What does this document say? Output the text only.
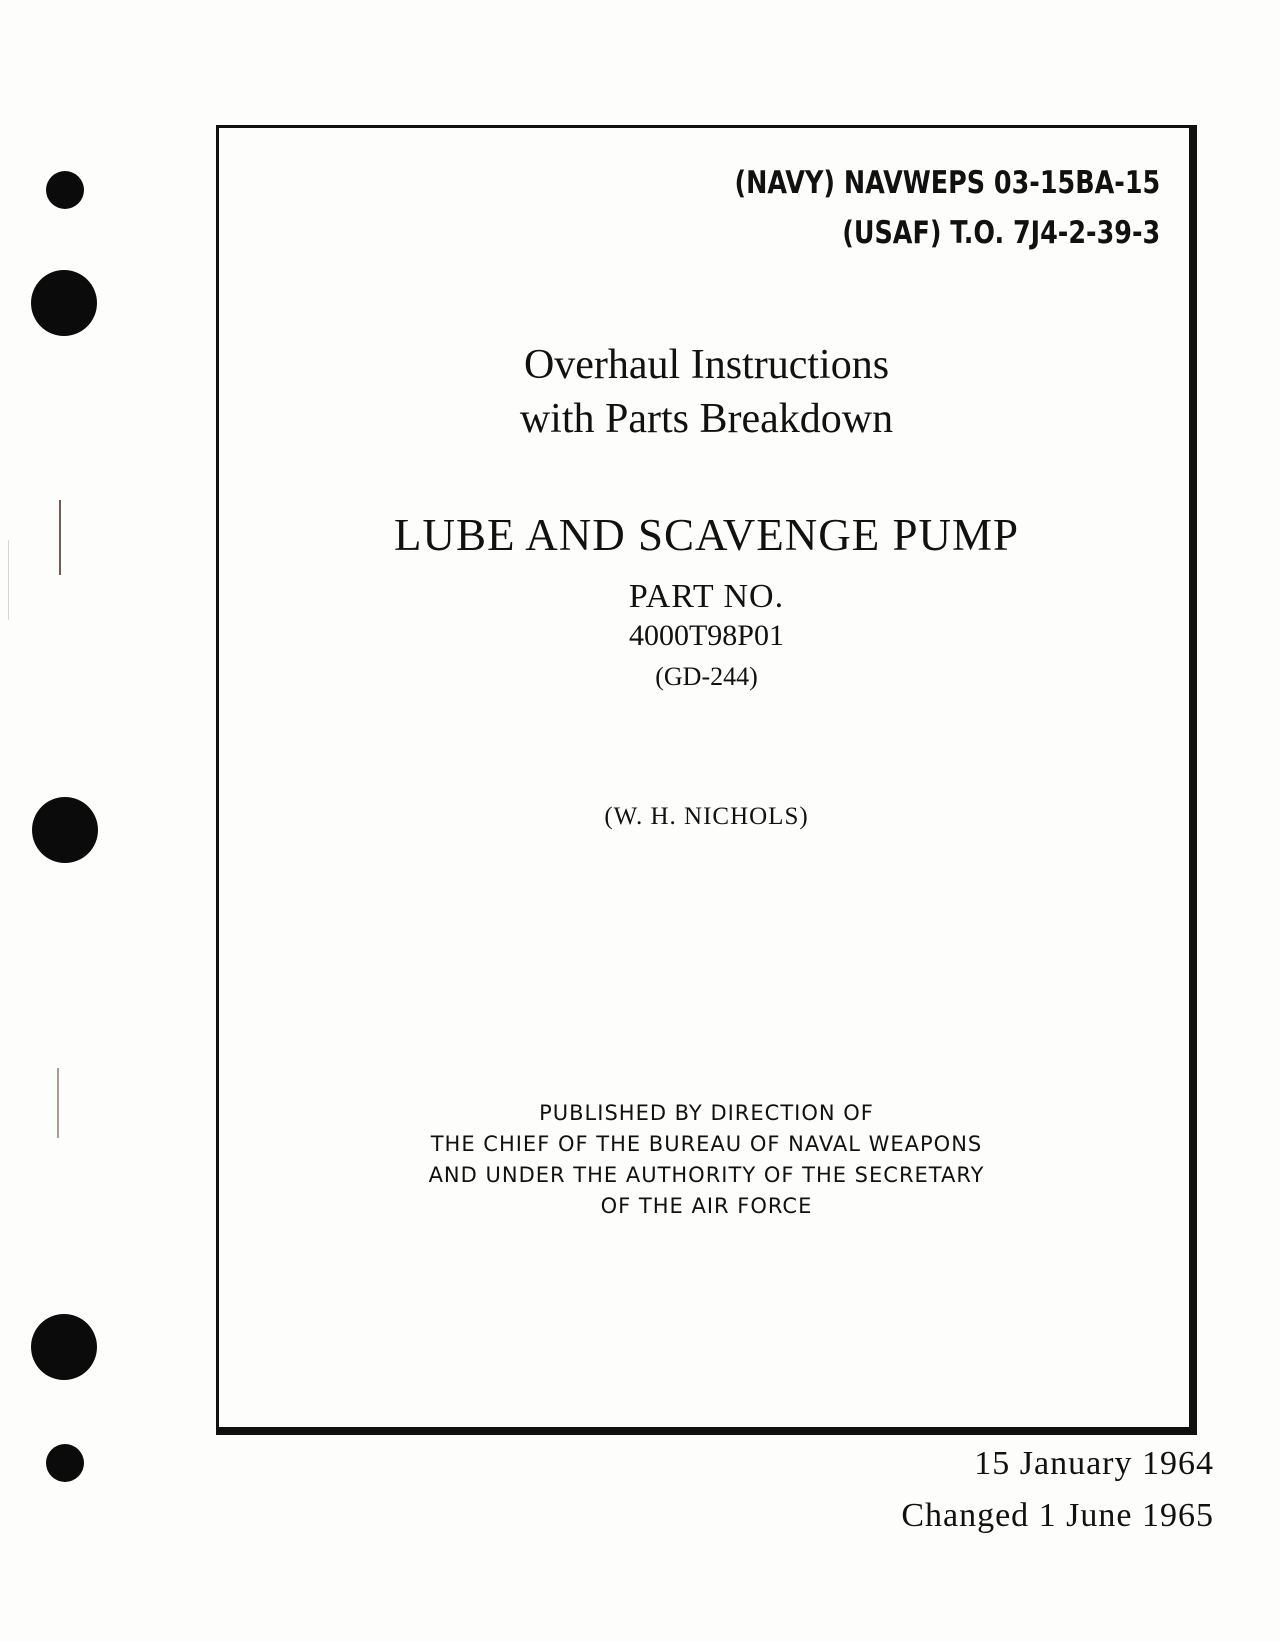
(NAVY) NAVWEPS 03-15BA-15
(USAF) T.O. 7J4-2-39-3
Overhaul Instructions
with Parts Breakdown
LUBE AND SCAVENGE PUMP
PART NO.
4000T98P01
(GD-244)
(W. H. NICHOLS)
PUBLISHED BY DIRECTION OF
THE CHIEF OF THE BUREAU OF NAVAL WEAPONS
AND UNDER THE AUTHORITY OF THE SECRETARY
OF THE AIR FORCE
15 January 1964
Changed 1 June 1965
